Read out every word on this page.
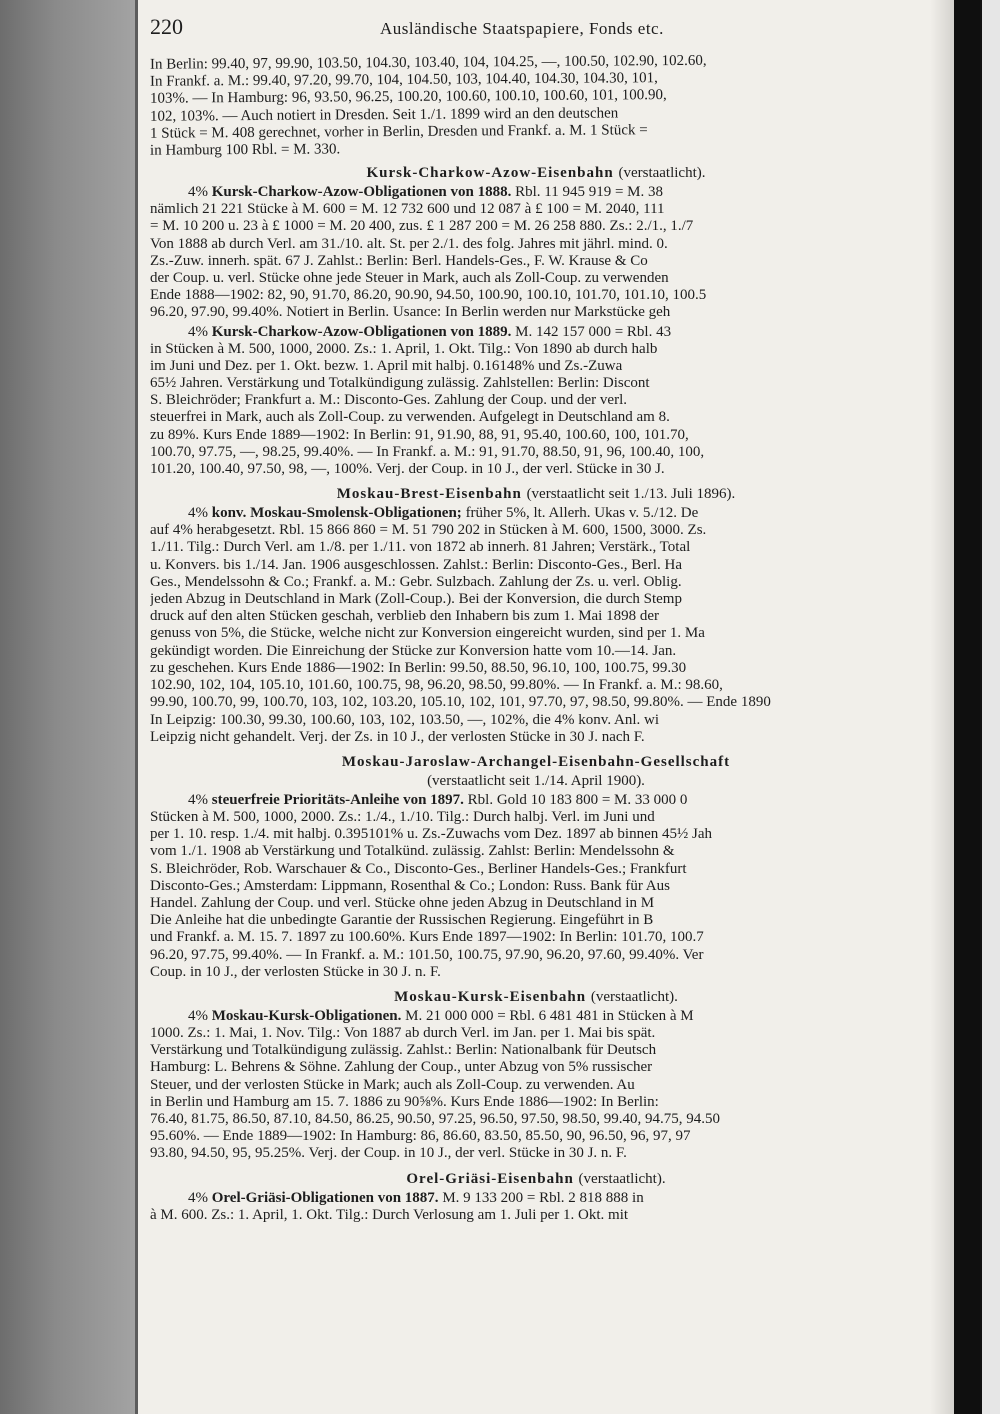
220	Ausländische Staatspapiere, Fonds etc.
In Berlin: 99.40, 97, 99.90, 103.50, 104.30, 103.40, 104, 104.25, —, 100.50, 102.90, 102.60,
In Frankf. a. M.: 99.40, 97.20, 99.70, 104, 104.50, 103, 104.40, 104.30, 104.30, 101,
103%. — In Hamburg: 96, 93.50, 96.25, 100.20, 100.60, 100.10, 100.60, 101, 100.90,
102, 103%. — Auch notiert in Dresden. Seit 1./1. 1899 wird an den deutschen
1 Stück = M. 408 gerechnet, vorher in Berlin, Dresden und Frankf. a. M. 1 Stück =
in Hamburg 100 Rbl. = M. 330.
Kursk-Charkow-Azow-Eisenbahn (verstaatlicht).
4% Kursk-Charkow-Azow-Obligationen von 1888. Rbl. 11 945 919 = M. 38
nämlich 21 221 Stücke à M. 600 = M. 12 732 600 und 12 087 à £ 100 = M. 2040, 111
= M. 10 200 u. 23 à £ 1000 = M. 20 400, zus. £ 1 287 200 = M. 26 258 880. Zs.: 2./1., 1./7
Von 1888 ab durch Verl. am 31./10. alt. St. per 2./1. des folg. Jahres mit jährl. mind. 0.
Zs.-Zuw. innerh. spät. 67 J. Zahlst.: Berlin: Berl. Handels-Ges., F. W. Krause & Co
der Coup. u. verl. Stücke ohne jede Steuer in Mark, auch als Zoll-Coup. zu verwenden
Ende 1888—1902: 82, 90, 91.70, 86.20, 90.90, 94.50, 100.90, 100.10, 101.70, 101.10, 100.5
96.20, 97.90, 99.40%. Notiert in Berlin. Usance: In Berlin werden nur Markstücke geh
4% Kursk-Charkow-Azow-Obligationen von 1889. M. 142 157 000 = Rbl. 43
in Stücken à M. 500, 1000, 2000. Zs.: 1. April, 1. Okt. Tilg.: Von 1890 ab durch halb
im Juni und Dez. per 1. Okt. bezw. 1. April mit halbj. 0.16148% und Zs.-Zuwa
65½ Jahren. Verstärkung und Totalkündigung zulässig. Zahlstellen: Berlin: Discont
S. Bleichröder; Frankfurt a. M.: Disconto-Ges. Zahlung der Coup. und der verl.
steuerfrei in Mark, auch als Zoll-Coup. zu verwenden. Aufgelegt in Deutschland am 8.
zu 89%. Kurs Ende 1889—1902: In Berlin: 91, 91.90, 88, 91, 95.40, 100.60, 100, 101.70,
100.70, 97.75, —, 98.25, 99.40%. — In Frankf. a. M.: 91, 91.70, 88.50, 91, 96, 100.40, 100,
101.20, 100.40, 97.50, 98, —, 100%. Verj. der Coup. in 10 J., der verl. Stücke in 30 J.
Moskau-Brest-Eisenbahn (verstaatlicht seit 1./13. Juli 1896).
4% konv. Moskau-Smolensk-Obligationen; früher 5%, lt. Allerh. Ukas v. 5./12. De
auf 4% herabgesetzt. Rbl. 15 866 860 = M. 51 790 202 in Stücken à M. 600, 1500, 3000. Zs.
1./11. Tilg.: Durch Verl. am 1./8. per 1./11. von 1872 ab innerh. 81 Jahren; Verstärk., Total
u. Konvers. bis 1./14. Jan. 1906 ausgeschlossen. Zahlst.: Berlin: Disconto-Ges., Berl. Ha
Ges., Mendelssohn & Co.; Frankf. a. M.: Gebr. Sulzbach. Zahlung der Zs. u. verl. Oblig.
jeden Abzug in Deutschland in Mark (Zoll-Coup.). Bei der Konversion, die durch Stemp
druck auf den alten Stücken geschah, verblieb den Inhabern bis zum 1. Mai 1898 der
genuss von 5%, die Stücke, welche nicht zur Konversion eingereicht wurden, sind per 1. Ma
gekündigt worden. Die Einreichung der Stücke zur Konversion hatte vom 10.—14. Jan.
zu geschehen. Kurs Ende 1886—1902: In Berlin: 99.50, 88.50, 96.10, 100, 100.75, 99.30
102.90, 102, 104, 105.10, 101.60, 100.75, 98, 96.20, 98.50, 99.80%. — In Frankf. a. M.: 98.60,
99.90, 100.70, 99, 100.70, 103, 102, 103.20, 105.10, 102, 101, 97.70, 97, 98.50, 99.80%. — Ende 1890
In Leipzig: 100.30, 99.30, 100.60, 103, 102, 103.50, —, 102%, die 4% konv. Anl. wi
Leipzig nicht gehandelt. Verj. der Zs. in 10 J., der verlosten Stücke in 30 J. nach F.
Moskau-Jaroslaw-Archangel-Eisenbahn-Gesellschaft
(verstaatlicht seit 1./14. April 1900).
4% steuerfreie Prioritäts-Anleihe von 1897. Rbl. Gold 10 183 800 = M. 33 000 0
Stücken à M. 500, 1000, 2000. Zs.: 1./4., 1./10. Tilg.: Durch halbj. Verl. im Juni und
per 1. 10. resp. 1./4. mit halbj. 0.395101% u. Zs.-Zuwachs vom Dez. 1897 ab binnen 45½ Jah
vom 1./1. 1908 ab Verstärkung und Totalkünd. zulässig. Zahlst: Berlin: Mendelssohn &
S. Bleichröder, Rob. Warschauer & Co., Disconto-Ges., Berliner Handels-Ges.; Frankfurt
Disconto-Ges.; Amsterdam: Lippmann, Rosenthal & Co.; London: Russ. Bank für Aus
Handel. Zahlung der Coup. und verl. Stücke ohne jeden Abzug in Deutschland in M
Die Anleihe hat die unbedingte Garantie der Russischen Regierung. Eingeführt in B
und Frankf. a. M. 15. 7. 1897 zu 100.60%. Kurs Ende 1897—1902: In Berlin: 101.70, 100.7
96.20, 97.75, 99.40%. — In Frankf. a. M.: 101.50, 100.75, 97.90, 96.20, 97.60, 99.40%. Ver
Coup. in 10 J., der verlosten Stücke in 30 J. n. F.
Moskau-Kursk-Eisenbahn (verstaatlicht).
4% Moskau-Kursk-Obligationen. M. 21 000 000 = Rbl. 6 481 481 in Stücken à M
1000. Zs.: 1. Mai, 1. Nov. Tilg.: Von 1887 ab durch Verl. im Jan. per 1. Mai bis spät.
Verstärkung und Totalkündigung zulässig. Zahlst.: Berlin: Nationalbank für Deutsch
Hamburg: L. Behrens & Söhne. Zahlung der Coup., unter Abzug von 5% russischer
Steuer, und der verlosten Stücke in Mark; auch als Zoll-Coup. zu verwenden. Au
in Berlin und Hamburg am 15. 7. 1886 zu 90⅝%. Kurs Ende 1886—1902: In Berlin:
76.40, 81.75, 86.50, 87.10, 84.50, 86.25, 90.50, 97.25, 96.50, 97.50, 98.50, 99.40, 94.75, 94.50
95.60%. — Ende 1889—1902: In Hamburg: 86, 86.60, 83.50, 85.50, 90, 96.50, 96, 97, 97
93.80, 94.50, 95, 95.25%. Verj. der Coup. in 10 J., der verl. Stücke in 30 J. n. F.
Orel-Griäsi-Eisenbahn (verstaatlicht).
4% Orel-Griäsi-Obligationen von 1887. M. 9 133 200 = Rbl. 2 818 888 in
à M. 600. Zs.: 1. April, 1. Okt. Tilg.: Durch Verlosung am 1. Juli per 1. Okt. mit
